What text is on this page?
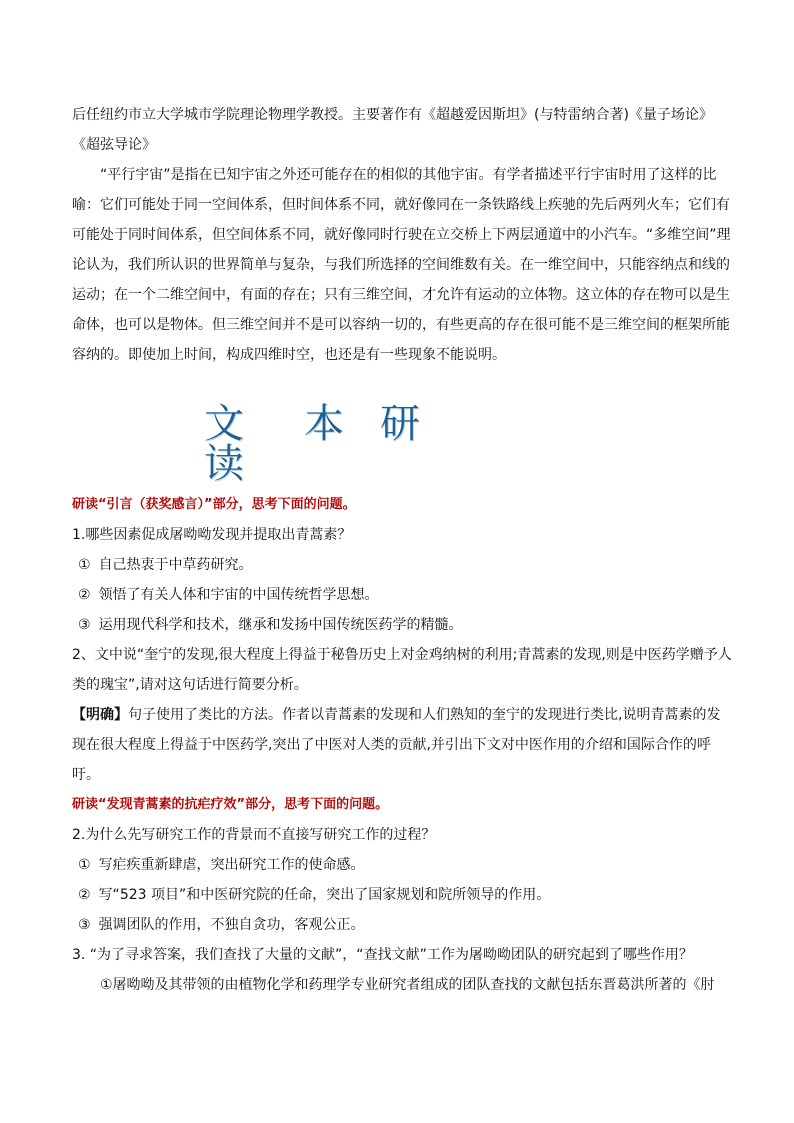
后任纽约市立大学城市学院理论物理学教授。主要著作有《超越爱因斯坦》(与特雷纳合著)《量子场论》

《超弦导论》

“平行宇宙”是指在已知宇宙之外还可能存在的相似的其他宇宙。有学者描述平行宇宙时用了这样的比喻：它们可能处于同一空间体系，但时间体系不同，就好像同在一条铁路线上疾驰的先后两列火车；它们有可能处于同时间体系，但空间体系不同，就好像同时行驶在立交桥上下两层通道中的小汽车。“多维空间”理论认为，我们所认识的世界简单与复杂，与我们所选择的空间维数有关。在一维空间中，只能容纳点和线的运动；在一个二维空间中，有面的存在；只有三维空间，才允许有运动的立体物。这立体的存在物可以是生命体，也可以是物体。但三维空间并不是可以容纳一切的，有些更高的存在很可能不是三维空间的框架所能容纳的。即使加上时间，构成四维时空，也还是有一些现象不能说明。

文 本 研
读

研读“引言（获奖感言）”部分，思考下面的问题。

1.哪些因素促成屠呦呦发现并提取出青蒿素？

① 自己热衷于中草药研究。

② 领悟了有关人体和宇宙的中国传统哲学思想。

③ 运用现代科学和技术，继承和发扬中国传统医药学的精髓。

2、文中说“奎宁的发现,很大程度上得益于秘鲁历史上对金鸡纳树的利用;青蒿素的发现,则是中医药学赠予人类的瑰宝”,请对这句话进行简要分析。

【明确】句子使用了类比的方法。作者以青蒿素的发现和人们熟知的奎宁的发现进行类比,说明青蒿素的发现在很大程度上得益于中医药学,突出了中医对人类的贡献,并引出下文对中医作用的介绍和国际合作的呼吁。

研读“发现青蒿素的抗疟疗效”部分，思考下面的问题。

2.为什么先写研究工作的背景而不直接写研究工作的过程？

① 写疟疾重新肆虐，突出研究工作的使命感。

② 写“523 项目”和中医研究院的任命，突出了国家规划和院所领导的作用。

③ 强调团队的作用，不独自贪功，客观公正。

3. “为了寻求答案，我们查找了大量的文献”，“查找文献”工作为屠呦呦团队的研究起到了哪些作用？

①屠呦呦及其带领的由植物化学和药理学专业研究者组成的团队查找的文献包括东晋葛洪所著的《肘
